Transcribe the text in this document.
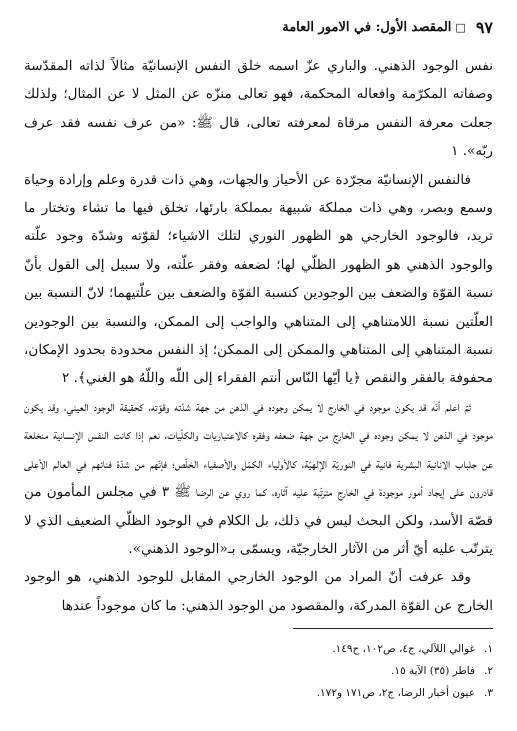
٩٧
□
المقصد الأول: في الامور العامة

نفس الوجود الذهني. والباري عزّ اسمه خلق النفس الإنسانيّة مثالاً لذاته المقدّسة وصفاته المكرّمة وافعاله المحكمة، فهو تعالى منزّه عن المثل لا عن المثال؛ ولذلك جعلت معرفة النفس مرقاة لمعرفته تعالى، قال ﷺ: «من عرف نفسه فقد عرف ربّه». ١

فالنفس الإنسانيّة مجرّدة عن الأحياز والجهات، وهي ذات قدرة وعلم وإرادة وحياة وسمع وبصر، وهي ذات مملكة شبيهة بمملكة بارئها، تخلق فيها ما تشاء وتختار ما تريد، فالوجود الخارجي هو الظهور النوري لتلك الاشياء؛ لقوّته وشدّة وجود علّته والوجود الذهني هو الظهور الظلّي لها؛ لضعفه وفقر علّته، ولا سبيل إلى القول بأنّ نسبة القوّة والضعف بين الوجودين كنسبة القوّة والضعف بين علّتيهما؛ لانّ النسبة بين العلّتين نسبة اللامتناهي إلى المتناهي والواجب إلى الممكن، والنسبة بين الوجودين نسبة المتناهي إلى المتناهي والممكن إلى الممكن؛ إذ النفس محدودة بحدود الإمكان، محفوفة بالفقر والنقص ﴿يا أيّها النّاس أنتم الفقراء إلى اللّه واللّهُ هو الغني﴾. ٢

ثمّ اعلم أنّه قد يكون موجود في الخارج لا يمكن وجوده في الذهن من جهة شدّته وقوّته، كحقيقة الوجود العيني، وقد يكون موجود في الذهن لا يمكن وجوده في الخارج من جهة ضعفه وفقره كالاعتباريات والكلّيات، نعم إذا كانت النفس الإنسانية منخلعة عن جلباب الانانية البشرية فانية في النوريّة الإلهيّة، كالأولياء الكمّل والأصفياء الخلّص؛ فإنّهم من شدّة فنائهم في العالم الأعلى قادرون على إيجاد أمور موجودة في الخارج مترتّبة عليه آثاره، كما روي عن الرضا ﷺ ٣ في مجلس المأمون من قصّة الأسد، ولكن البحث ليس في ذلك، بل الكلام في الوجود الظلّي الضعيف الذي لا يترتّب عليه أيّ أثر من الآثار الخارجيّة، ويسمّى بـ«الوجود الذهني».

وقد عرفت أنّ المراد من الوجود الخارجي المقابل للوجود الذهني، هو الوجود الخارج عن القوّة المدركة، والمقصود من الوجود الذهني: ما كان موجوداً عندها

١.
غوالي اللآلي، ج٤، ص١٠٢، ح١٤٩.
٢.
فاطر (٣٥) الآية ١٥.
٣.
عيون أخبار الرضا، ج٢، ص١٧١ و١٧٢.
